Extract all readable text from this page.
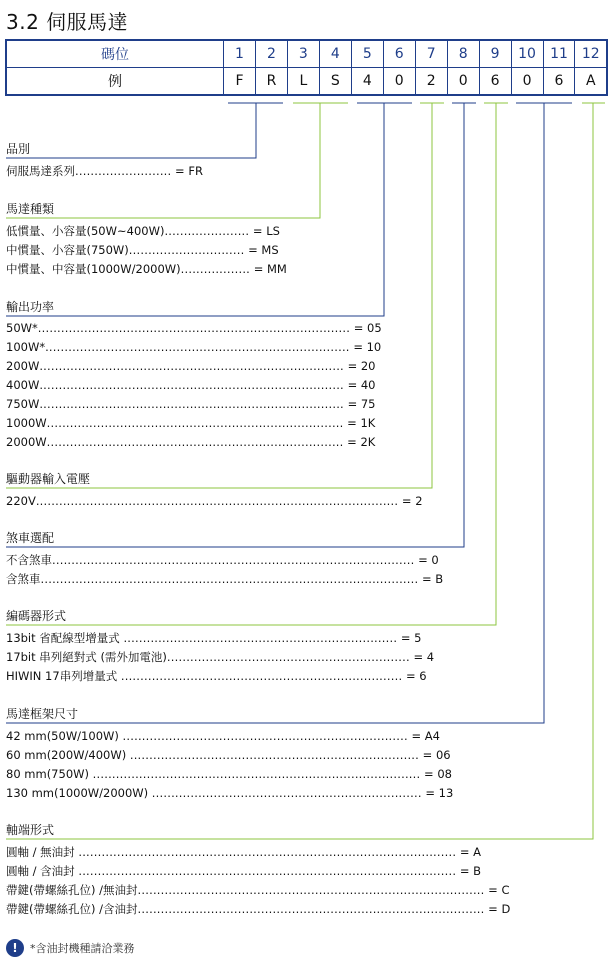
3.2 伺服馬達
碼位	1	2	3	4	5	6	7	8	9	10	11	12
例	F	R	L	S	4	0	2	0	6	0	6	A
品別
伺服馬達系列......................... = FR
馬達種類
低慣量、小容量(50W~400W)...................... = LS
中慣量、小容量(750W).............................. = MS
中慣量、中容量(1000W/2000W).................. = MM
輸出功率
50W*................................................................................. = 05
100W*............................................................................... = 10
200W............................................................................... = 20
400W............................................................................... = 40
750W............................................................................... = 75
1000W............................................................................. = 1K
2000W............................................................................. = 2K
驅動器輸入電壓
220V.............................................................................................. = 2
煞車選配
不含煞車.............................................................................................. = 0
含煞車.................................................................................................. = B
編碼器形式
13bit 省配線型增量式 ....................................................................... = 5
17bit 串列絕對式 (需外加電池)............................................................... = 4
HIWIN 17串列增量式 ......................................................................... = 6
馬達框架尺寸
42 mm(50W/100W) .......................................................................... = A4
60 mm(200W/400W) ........................................................................... = 06
80 mm(750W) ..................................................................................... = 08
130 mm(1000W/2000W) ...................................................................... = 13
軸端形式
圓軸 / 無油封 .................................................................................................. = A
圓軸 / 含油封 .................................................................................................. = B
帶鍵(帶螺絲孔位) /無油封.......................................................................................... = C
帶鍵(帶螺絲孔位) /含油封.......................................................................................... = D
!	*含油封機種請洽業務
